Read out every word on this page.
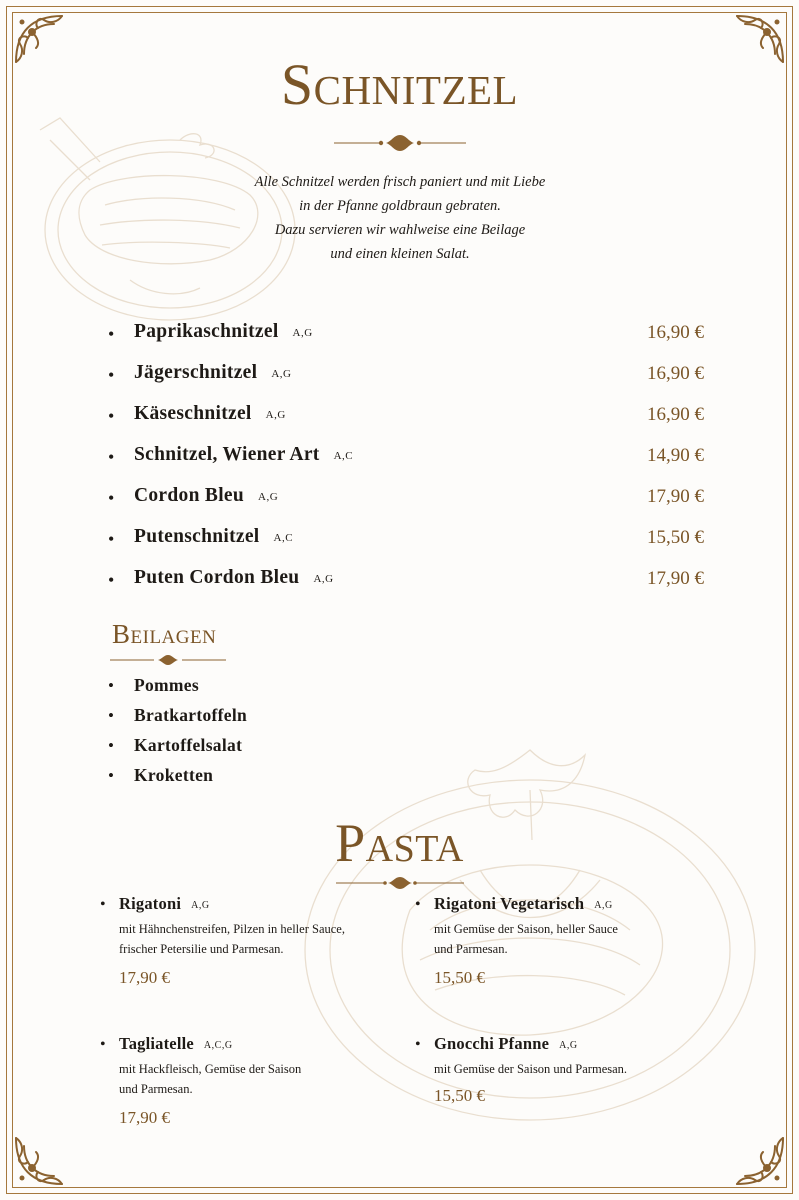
Schnitzel
Alle Schnitzel werden frisch paniert und mit Liebe
in der Pfanne goldbraun gebraten.
Dazu servieren wir wahlweise eine Beilage
und einen kleinen Salat.
• Paprikaschnitzel A,G	16,90 €
• Jägerschnitzel A,G	16,90 €
• Käseschnitzel A,G	16,90 €
• Schnitzel, Wiener Art A,C	14,90 €
• Cordon Bleu A,G	17,90 €
• Putenschnitzel A,C	15,50 €
• Puten Cordon Bleu A,G	17,90 €
Beilagen
• Pommes
• Bratkartoffeln
• Kartoffelsalat
• Kroketten
Pasta
• Rigatoni A,G
mit Hähnchenstreifen, Pilzen in heller Sauce,
frischer Petersilie und Parmesan.
17,90 €
• Rigatoni Vegetarisch A,G
mit Gemüse der Saison, heller Sauce
und Parmesan.
15,50 €
• Tagliatelle A,C,G
mit Hackfleisch, Gemüse der Saison
und Parmesan.
17,90 €
• Gnocchi Pfanne A,G
mit Gemüse der Saison und Parmesan.
15,50 €
